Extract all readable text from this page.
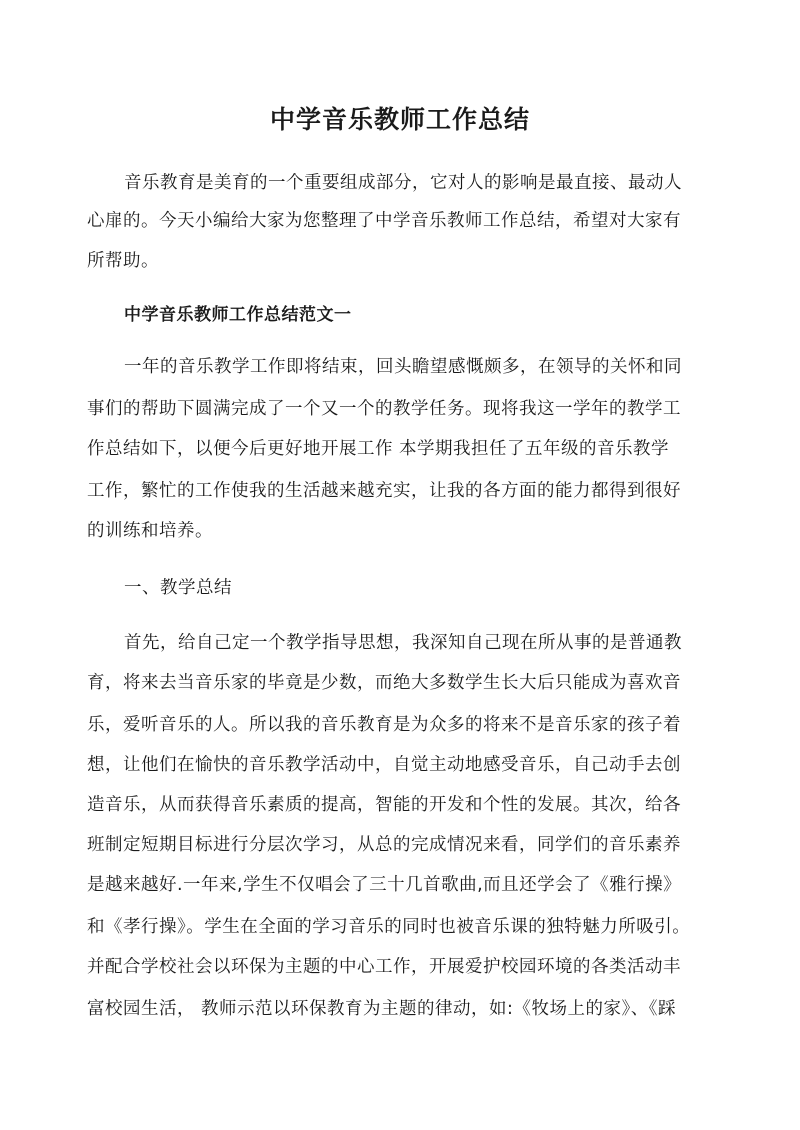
中学音乐教师工作总结
音乐教育是美育的一个重要组成部分，它对人的影响是最直接、最动人
心扉的。今天小编给大家为您整理了中学音乐教师工作总结，希望对大家有
所帮助。
中学音乐教师工作总结范文一
一年的音乐教学工作即将结束，回头瞻望感慨颇多，在领导的关怀和同
事们的帮助下圆满完成了一个又一个的教学任务。现将我这一学年的教学工
作总结如下，以便今后更好地开展工作 本学期我担任了五年级的音乐教学
工作，繁忙的工作使我的生活越来越充实，让我的各方面的能力都得到很好
的训练和培养。
一、教学总结
首先，给自己定一个教学指导思想，我深知自己现在所从事的是普通教
育，将来去当音乐家的毕竟是少数，而绝大多数学生长大后只能成为喜欢音
乐，爱听音乐的人。所以我的音乐教育是为众多的将来不是音乐家的孩子着
想，让他们在愉快的音乐教学活动中，自觉主动地感受音乐，自己动手去创
造音乐，从而获得音乐素质的提高，智能的开发和个性的发展。其次，给各
班制定短期目标进行分层次学习，从总的完成情况来看，同学们的音乐素养
是越来越好.一年来,学生不仅唱会了三十几首歌曲,而且还学会了《雅行操》
和《孝行操》。学生在全面的学习音乐的同时也被音乐课的独特魅力所吸引。
并配合学校社会以环保为主题的中心工作，开展爱护校园环境的各类活动丰
富校园生活， 教师示范以环保教育为主题的律动，如:《牧场上的家》、《踩
